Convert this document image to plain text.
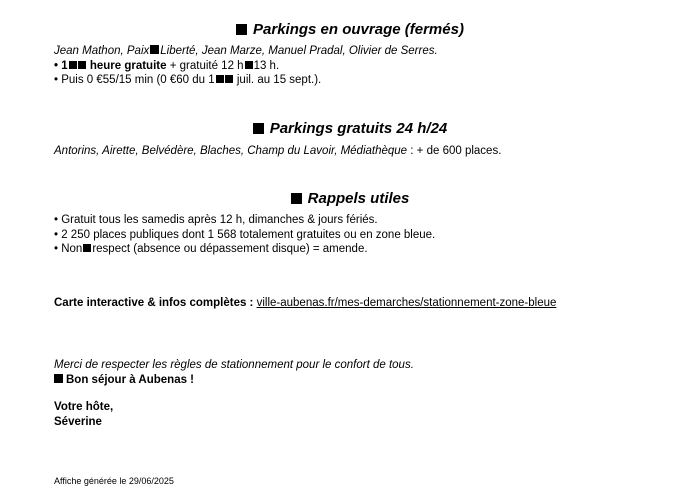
Parkings en ouvrage (fermés)
Jean Mathon, Paix Liberté, Jean Marze, Manuel Pradal, Olivier de Serres.
• 1 heure gratuite + gratuité 12 h 13 h.
• Puis 0 €55/15 min (0 €60 du 1 juil. au 15 sept.).
Parkings gratuits 24 h/24
Antorins, Airette, Belvédère, Blaches, Champ du Lavoir, Médiathèque : + de 600 places.
Rappels utiles
• Gratuit tous les samedis après 12 h, dimanches & jours fériés.
• 2 250 places publiques dont 1 568 totalement gratuites ou en zone bleue.
• Non respect (absence ou dépassement disque) = amende.
Carte interactive & infos complètes : ville-aubenas.fr/mes-demarches/stationnement-zone-bleue
Merci de respecter les règles de stationnement pour le confort de tous.
Bon séjour à Aubenas !
Votre hôte,
Séverine
Affiche générée le 29/06/2025
